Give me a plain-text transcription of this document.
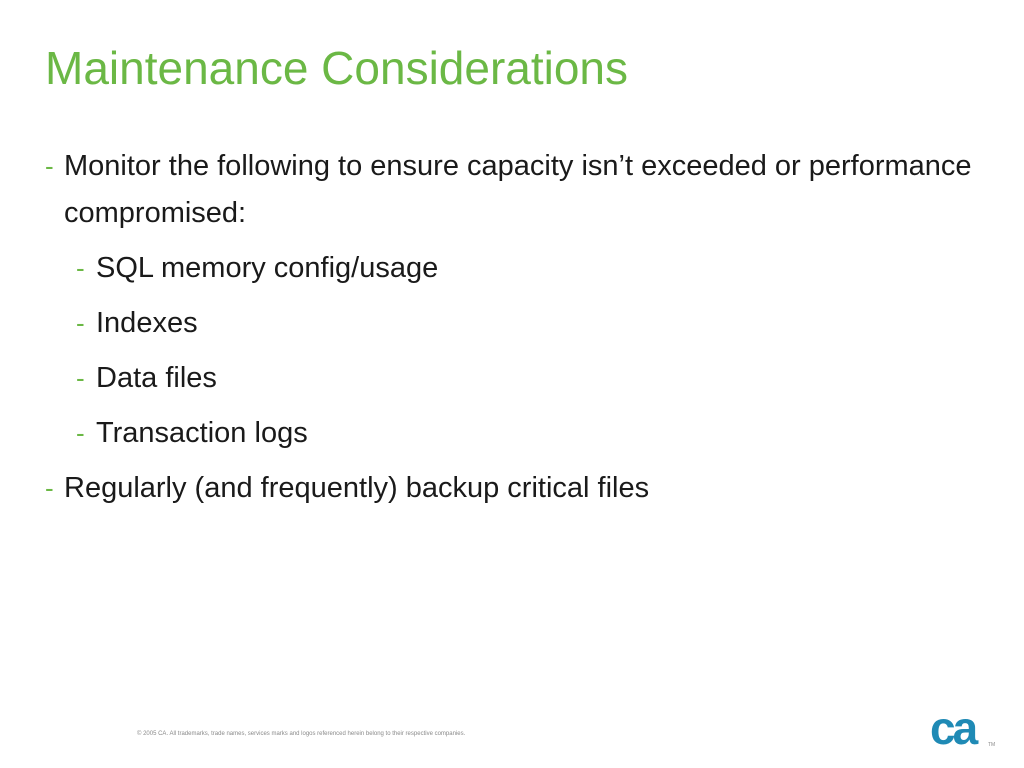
Maintenance Considerations
- Monitor the following to ensure capacity isn’t exceeded or performance compromised:
- SQL memory config/usage
- Indexes
- Data files
- Transaction logs
- Regularly (and frequently) backup critical files
© 2005 CA. All trademarks, trade names, services marks and logos referenced herein belong to their respective companies.	ca	TM
